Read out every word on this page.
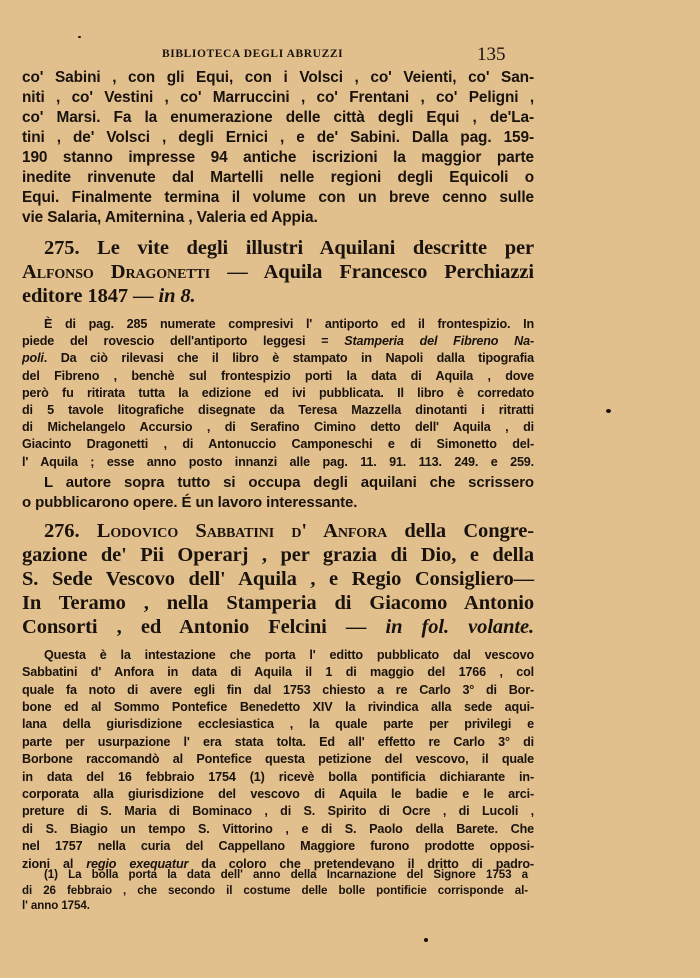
BIBLIOTECA DEGLI ABRUZZI	135
co' Sabini , con gli Equi, con i Volsci , co' Veienti, co' San-
niti , co' Vestini , co' Marruccini , co' Frentani , co' Peligni ,
co' Marsi. Fa la enumerazione delle città degli Equi , de'La-
tini , de' Volsci , degli Ernici , e de' Sabini. Dalla pag. 159-
190 stanno impresse 94 antiche iscrizioni la maggior parte
inedite rinvenute dal Martelli nelle regioni degli Equicoli o
Equi. Finalmente termina il volume con un breve cenno sulle
vie Salaria, Amiternina , Valeria ed Appia.
275. Le vite degli illustri Aquilani descritte per
Alfonso Dragonetti — Aquila Francesco Perchiazzi
editore 1847 — in 8.
È di pag. 285 numerate compresivi l' antiporto ed il frontespizio. In
piede del rovescio dell'antiporto leggesi = Stamperia del Fibreno Na-
poli. Da ciò rilevasi che il libro è stampato in Napoli dalla tipografia
del Fibreno , benchè sul frontespizio porti la data di Aquila , dove
però fu ritirata tutta la edizione ed ivi pubblicata. Il libro è corredato
di 5 tavole litografiche disegnate da Teresa Mazzella dinotanti i ritratti
di Michelangelo Accursio , di Serafino Cimino detto dell' Aquila , di
Giacinto Dragonetti , di Antonuccio Camponeschi e di Simonetto del-
l' Aquila ; esse anno posto innanzi alle pag. 11. 91. 113. 249. e 259.
L autore sopra tutto si occupa degli aquilani che scrissero
o pubblicarono opere. É un lavoro interessante.
276. Lodovico Sabbatini d' Anfora della Congre-
gazione de' Pii Operarj , per grazia di Dio, e della
S. Sede Vescovo dell' Aquila , e Regio Consigliero—
In Teramo , nella Stamperia di Giacomo Antonio
Consorti , ed Antonio Felcini — in fol. volante.
Questa è la intestazione che porta l' editto pubblicato dal vescovo
Sabbatini d' Anfora in data di Aquila il 1 di maggio del 1766 , col
quale fa noto di avere egli fin dal 1753 chiesto a re Carlo 3° di Bor-
bone ed al Sommo Pontefice Benedetto XIV la rivindica alla sede aqui-
lana della giurisdizione ecclesiastica , la quale parte per privilegi e
parte per usurpazione l' era stata tolta. Ed all' effetto re Carlo 3° di
Borbone raccomandò al Pontefice questa petizione del vescovo, il quale
in data del 16 febbraio 1754 (1) ricevè bolla pontificia dichiarante in-
corporata alla giurisdizione del vescovo di Aquila le badie e le arci-
preture di S. Maria di Bominaco , di S. Spirito di Ocre , di Lucoli ,
di S. Biagio un tempo S. Vittorino , e di S. Paolo della Barete. Che
nel 1757 nella curia del Cappellano Maggiore furono prodotte opposi-
zioni al regio exequatur da coloro che pretendevano il dritto di padro-
(1) La bolla porta la data dell' anno della Incarnazione del Signore 1753 a
di 26 febbraio , che secondo il costume delle bolle pontificie corrisponde al-
l' anno 1754.
